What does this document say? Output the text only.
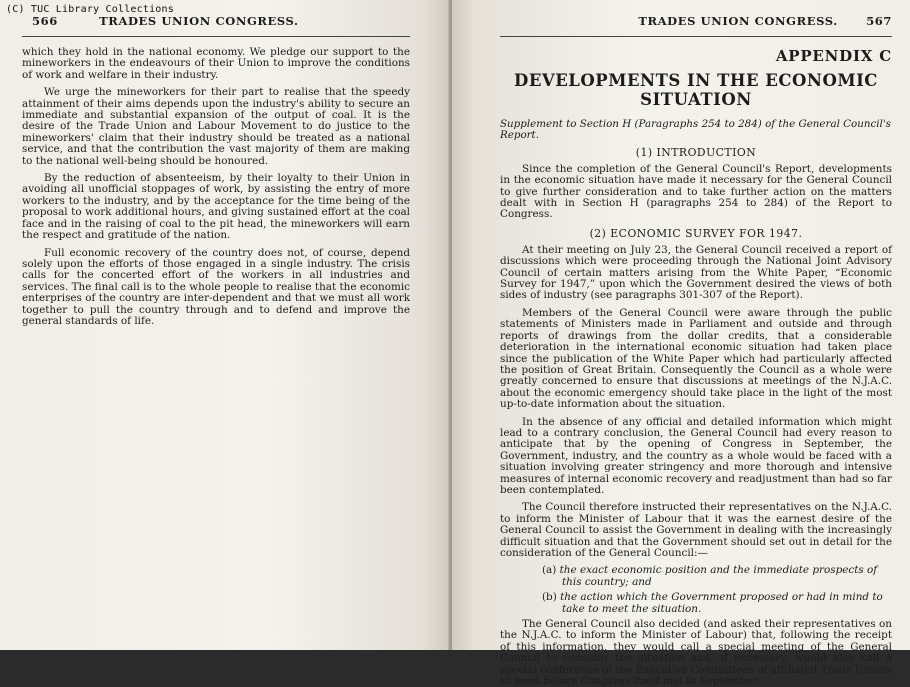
566	TRADES UNION CONGRESS.

which they hold in the national economy. We pledge our support to the mineworkers in the endeavours of their Union to improve the conditions of work and welfare in their industry.

We urge the mineworkers for their part to realise that the speedy attainment of their aims depends upon the industry's ability to secure an immediate and substantial expansion of the output of coal. It is the desire of the Trade Union and Labour Movement to do justice to the mineworkers' claim that their industry should be treated as a national service, and that the contribution the vast majority of them are making to the national well-being should be honoured.

By the reduction of absenteeism, by their loyalty to their Union in avoiding all unofficial stoppages of work, by assisting the entry of more workers to the industry, and by the acceptance for the time being of the proposal to work additional hours, and giving sustained effort at the coal face and in the raising of coal to the pit head, the mineworkers will earn the respect and gratitude of the nation.

Full economic recovery of the country does not, of course, depend solely upon the efforts of those engaged in a single industry. The crisis calls for the concerted effort of the workers in all industries and services. The final call is to the whole people to realise that the economic enterprises of the country are inter-dependent and that we must all work together to pull the country through and to defend and improve the general standards of life.

TRADES UNION CONGRESS.	567
APPENDIX C
DEVELOPMENTS IN THE ECONOMIC
SITUATION

Supplement to Section H (Paragraphs 254 to 284) of the General Council's Report.

(1) INTRODUCTION

Since the completion of the General Council's Report, developments in the economic situation have made it necessary for the General Council to give further consideration and to take further action on the matters dealt with in Section H (paragraphs 254 to 284) of the Report to Congress.

(2) ECONOMIC SURVEY FOR 1947.

At their meeting on July 23, the General Council received a report of discussions which were proceeding through the National Joint Advisory Council of certain matters arising from the White Paper, “Economic Survey for 1947,” upon which the Government desired the views of both sides of industry (see paragraphs 301-307 of the Report).

Members of the General Council were aware through the public statements of Ministers made in Parliament and outside and through reports of drawings from the dollar credits, that a considerable deterioration in the international economic situation had taken place since the publication of the White Paper which had particularly affected the position of Great Britain. Consequently the Council as a whole were greatly concerned to ensure that discussions at meetings of the N.J.A.C. about the economic emergency should take place in the light of the most up-to-date information about the situation.

In the absence of any official and detailed information which might lead to a contrary conclusion, the General Council had every reason to anticipate that by the opening of Congress in September, the Government, industry, and the country as a whole would be faced with a situation involving greater stringency and more thorough and intensive measures of internal economic recovery and readjustment than had so far been contemplated.

The Council therefore instructed their representatives on the N.J.A.C. to inform the Minister of Labour that it was the earnest desire of the General Council to assist the Government in dealing with the increasingly difficult situation and that the Government should set out in detail for the consideration of the General Council:—

(a) the exact economic position and the immediate prospects of this country; and
(b) the action which the Government proposed or had in mind to take to meet the situation.

The General Council also decided (and asked their representatives on the N.J.A.C. to inform the Minister of Labour) that, following the receipt of this information, they would call a special meeting of the General Council to consider the situation and, if necessary, would also call a special conference of the Executive Committees of affiliated Trade Unions to meet before Congress itself met in September.

(C) TUC Library Collections
